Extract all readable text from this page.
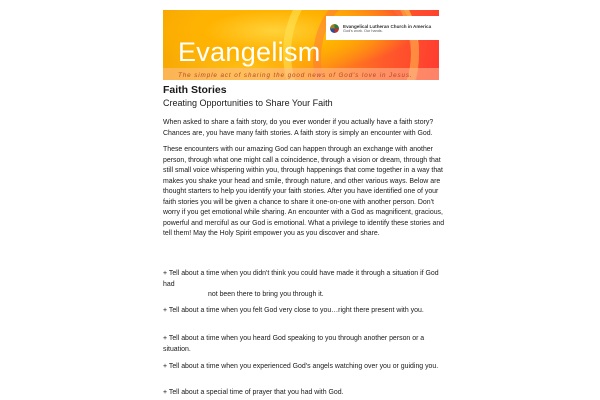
Evangelical Lutheran Church in America
God's work. Our hands.
Evangelism
The simple act of sharing the good news of God's love in Jesus.
Faith Stories
Creating Opportunities to Share Your Faith
When asked to share a faith story, do you ever wonder if you actually have a faith story? Chances are, you have many faith stories. A faith story is simply an encounter with God.
These encounters with our amazing God can happen through an exchange with another person, through what one might call a coincidence, through a vision or dream, through that still small voice whispering within you, through happenings that come together in a way that makes you shake your head and smile, through nature, and other various ways. Below are thought starters to help you identify your faith stories. After you have identified one of your faith stories you will be given a chance to share it one-on-one with another person. Don't worry if you get emotional while sharing. An encounter with a God as magnificent, gracious, powerful and merciful as our God is emotional. What a privilege to identify these stories and tell them! May the Holy Spirit empower you as you discover and share.
+ Tell about a time when you didn't think you could have made it through a situation if God had
not been there to bring you through it.
+ Tell about a time when you felt God very close to you…right there present with you.
+ Tell about a time when you heard God speaking to you through another person or a situation.
+ Tell about a time when you experienced God's angels watching over you or guiding you.
+ Tell about a special time of prayer that you had with God.
